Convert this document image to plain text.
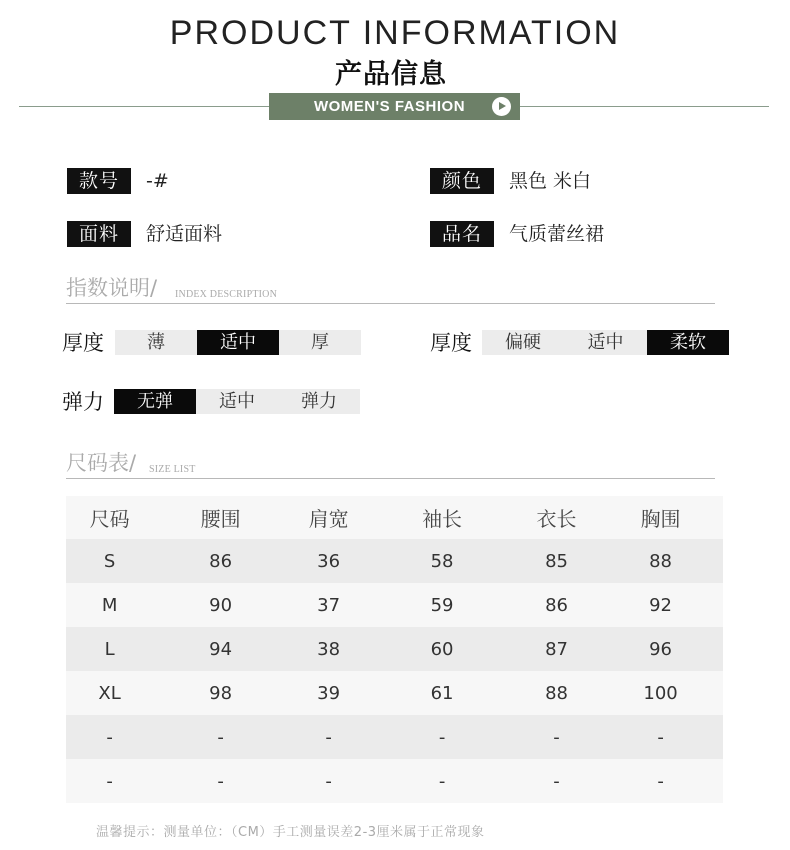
PRODUCT INFORMATION
产品信息
WOMEN'S FASHION
款号	-#	颜色	黑色 米白
面料	舒适面料	品名	气质蕾丝裙
指数说明/ INDEX DESCRIPTION
厚度	薄	适中	厚	厚度	偏硬	适中	柔软
弹力	无弹	适中	弹力
尺码表/ SIZE LIST
尺码	腰围	肩宽	袖长	衣长	胸围
S	86	36	58	85	88
M	90	37	59	86	92
L	94	38	60	87	96
XL	98	39	61	88	100
-	-	-	-	-	-
-	-	-	-	-	-
温馨提示：测量单位：（CM）手工测量误差2-3厘米属于正常现象
